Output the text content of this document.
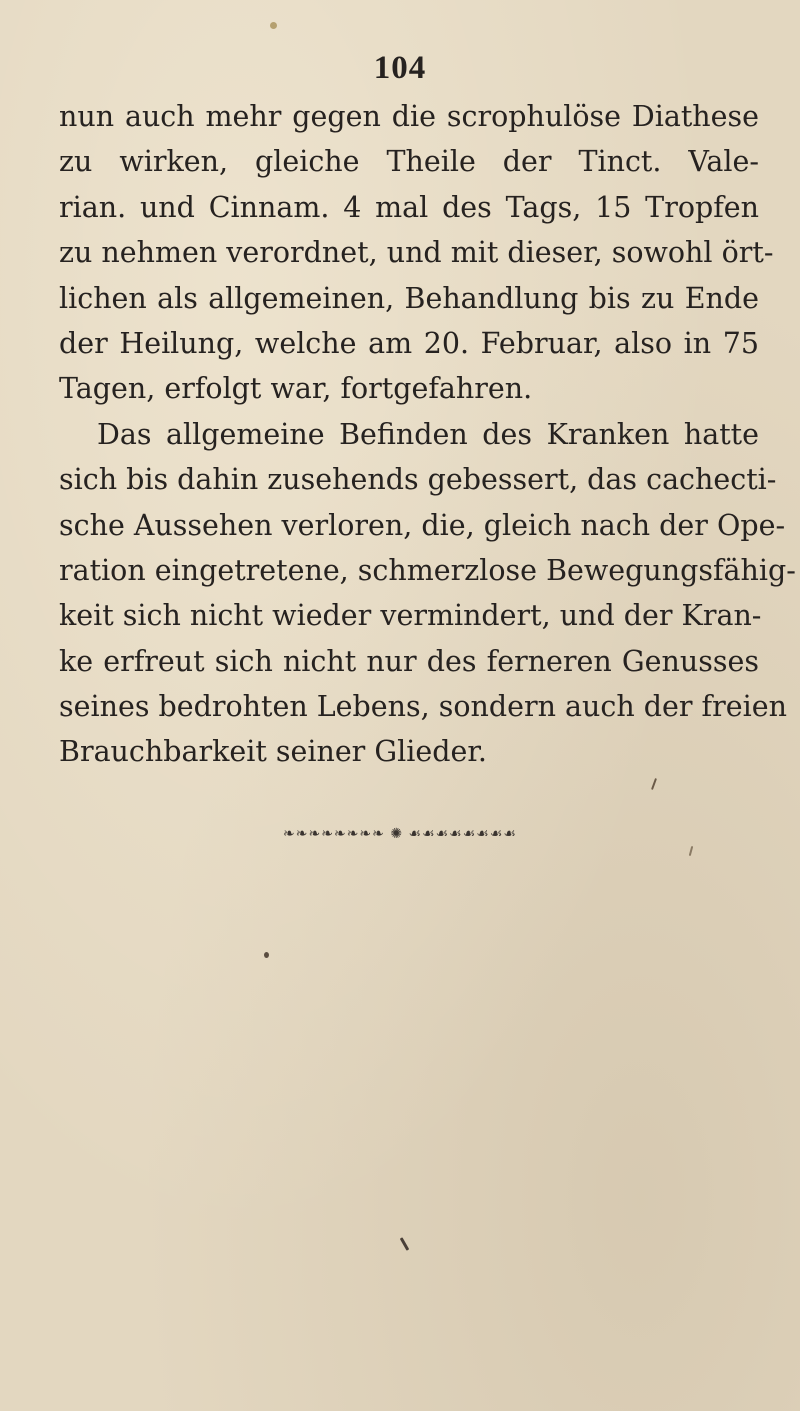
104
nun auch mehr gegen die scrophulöse Diathese
zu wirken, gleiche Theile der Tinct. Vale-
rian. und Cinnam. 4 mal des Tags, 15 Tropfen
zu nehmen verordnet, und mit dieser, sowohl ört-
lichen als allgemeinen, Behandlung bis zu Ende
der Heilung, welche am 20. Februar, also in 75
Tagen, erfolgt war, fortgefahren.
Das allgemeine Befinden des Kranken hatte
sich bis dahin zusehends gebessert, das cachecti-
sche Aussehen verloren, die, gleich nach der Ope-
ration eingetretene, schmerzlose Bewegungsfähig-
keit sich nicht wieder vermindert, und der Kran-
ke erfreut sich nicht nur des ferneren Genusses
seines bedrohten Lebens, sondern auch der freien
Brauchbarkeit seiner Glieder.
❧❧❧❧❧❧❧❧ ✺ ☙☙☙☙☙☙☙☙
